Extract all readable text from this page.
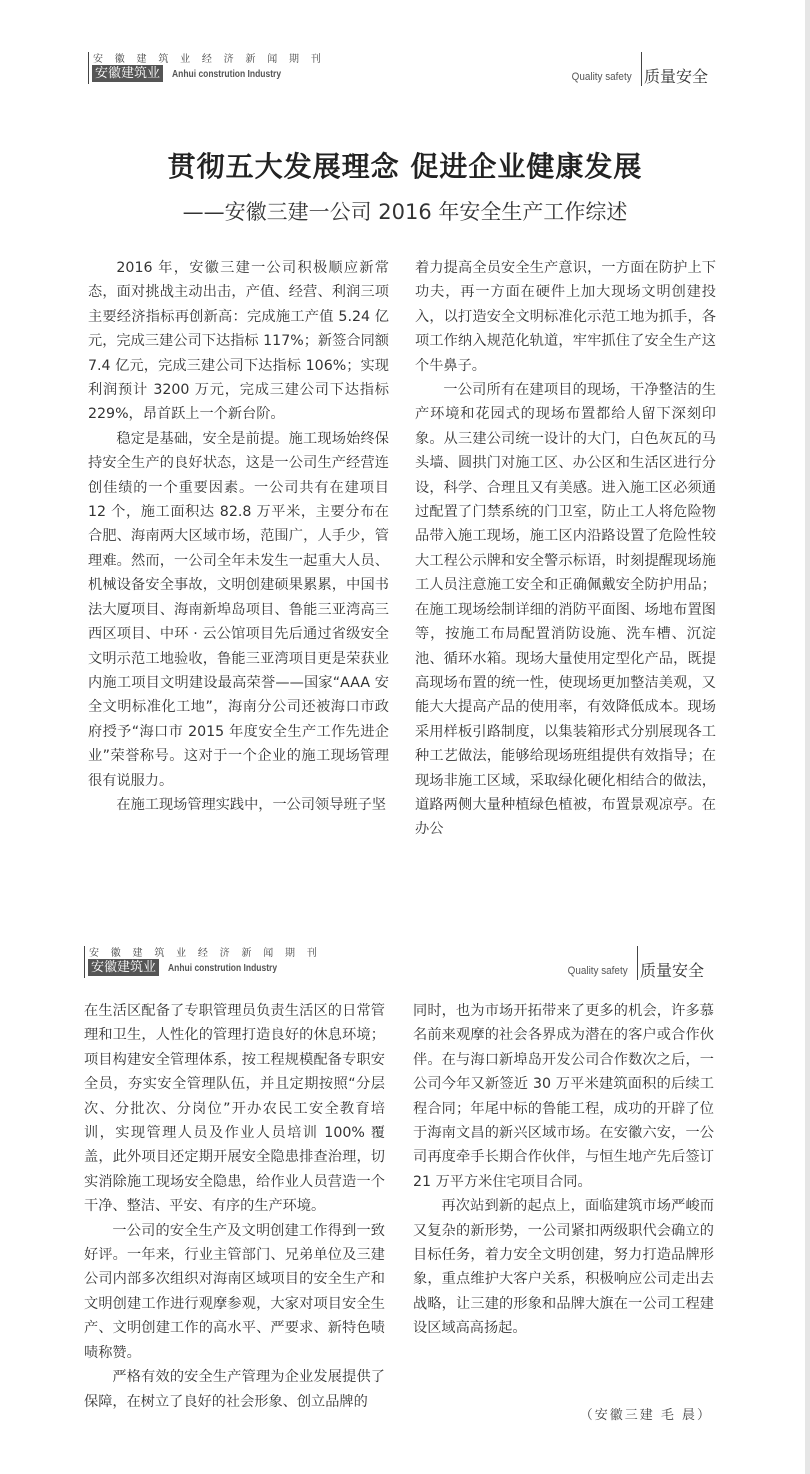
安 徽 建 筑 业 经 济 新 闻 期 刊
安徽建筑业	Anhui constrution Industry	Quality safety 质量安全
贯彻五大发展理念 促进企业健康发展
——安徽三建一公司 2016 年安全生产工作综述

2016 年，安徽三建一公司积极顺应新常态，面对挑战主动出击，产值、经营、利润三项主要经济指标再创新高：完成施工产值 5.24 亿元，完成三建公司下达指标 117%；新签合同额 7.4 亿元，完成三建公司下达指标 106%；实现利润预计 3200 万元，完成三建公司下达指标 229%，昂首跃上一个新台阶。

稳定是基础，安全是前提。施工现场始终保持安全生产的良好状态，这是一公司生产经营连创佳绩的一个重要因素。一公司共有在建项目 12 个，施工面积达 82.8 万平米，主要分布在合肥、海南两大区域市场，范围广，人手少，管理难。然而，一公司全年未发生一起重大人员、机械设备安全事故，文明创建硕果累累，中国书法大厦项目、海南新埠岛项目、鲁能三亚湾高三西区项目、中环 · 云公馆项目先后通过省级安全文明示范工地验收，鲁能三亚湾项目更是荣获业内施工项目文明建设最高荣誉——国家“AAA 安全文明标准化工地”，海南分公司还被海口市政府授予“海口市 2015 年度安全生产工作先进企业”荣誉称号。这对于一个企业的施工现场管理很有说服力。

在施工现场管理实践中，一公司领导班子坚

着力提高全员安全生产意识，一方面在防护上下功夫，再一方面在硬件上加大现场文明创建投入，以打造安全文明标准化示范工地为抓手，各项工作纳入规范化轨道，牢牢抓住了安全生产这个牛鼻子。

一公司所有在建项目的现场，干净整洁的生产环境和花园式的现场布置都给人留下深刻印象。从三建公司统一设计的大门，白色灰瓦的马头墙、圆拱门对施工区、办公区和生活区进行分设，科学、合理且又有美感。进入施工区必须通过配置了门禁系统的门卫室，防止工人将危险物品带入施工现场，施工区内沿路设置了危险性较大工程公示牌和安全警示标语，时刻提醒现场施工人员注意施工安全和正确佩戴安全防护用品；在施工现场绘制详细的消防平面图、场地布置图等，按施工布局配置消防设施、洗车槽、沉淀池、循环水箱。现场大量使用定型化产品，既提高现场布置的统一性，使现场更加整洁美观，又能大大提高产品的使用率，有效降低成本。现场采用样板引路制度，以集装箱形式分别展现各工种工艺做法，能够给现场班组提供有效指导；在现场非施工区域，采取绿化硬化相结合的做法，道路两侧大量种植绿色植被，布置景观凉亭。在办公

安 徽 建 筑 业 经 济 新 闻 期 刊
安徽建筑业	Anhui constrution Industry	Quality safety 质量安全

在生活区配备了专职管理员负责生活区的日常管理和卫生，人性化的管理打造良好的休息环境；项目构建安全管理体系，按工程规模配备专职安全员，夯实安全管理队伍，并且定期按照“分层次、分批次、分岗位”开办农民工安全教育培训，实现管理人员及作业人员培训 100% 覆盖，此外项目还定期开展安全隐患排查治理，切实消除施工现场安全隐患，给作业人员营造一个干净、整洁、平安、有序的生产环境。

一公司的安全生产及文明创建工作得到一致好评。一年来，行业主管部门、兄弟单位及三建公司内部多次组织对海南区域项目的安全生产和文明创建工作进行观摩参观，大家对项目安全生产、文明创建工作的高水平、严要求、新特色啧啧称赞。

严格有效的安全生产管理为企业发展提供了保障，在树立了良好的社会形象、创立品牌的

同时，也为市场开拓带来了更多的机会，许多慕名前来观摩的社会各界成为潜在的客户或合作伙伴。在与海口新埠岛开发公司合作数次之后，一公司今年又新签近 30 万平米建筑面积的后续工程合同；年尾中标的鲁能工程，成功的开辟了位于海南文昌的新兴区域市场。在安徽六安，一公司再度牵手长期合作伙伴，与恒生地产先后签订 21 万平方米住宅项目合同。

再次站到新的起点上，面临建筑市场严峻而又复杂的新形势，一公司紧扣两级职代会确立的目标任务，着力安全文明创建，努力打造品牌形象，重点维护大客户关系，积极响应公司走出去战略，让三建的形象和品牌大旗在一公司工程建设区域高高扬起。

（安徽三建 毛 晨）
